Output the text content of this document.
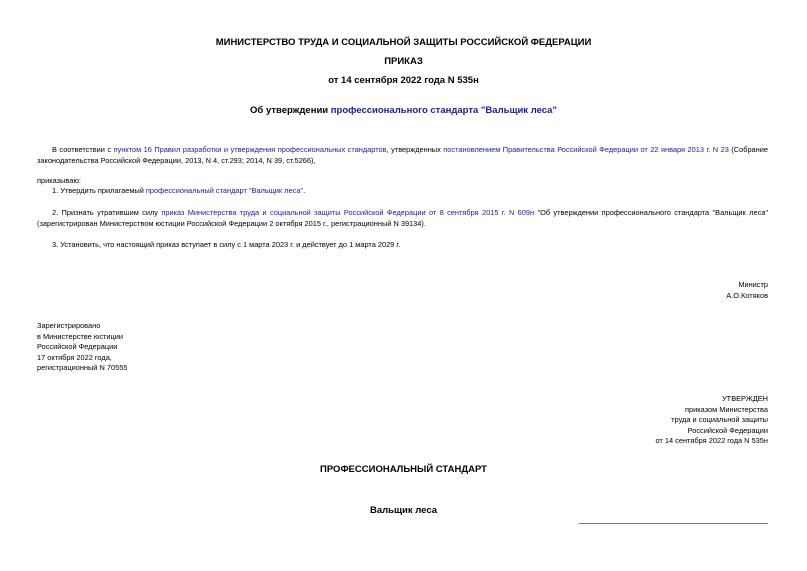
МИНИСТЕРСТВО ТРУДА И СОЦИАЛЬНОЙ ЗАЩИТЫ РОССИЙСКОЙ ФЕДЕРАЦИИ
ПРИКАЗ
от 14 сентября 2022 года N 535н
Об утверждении профессионального стандарта "Вальщик леса"
В соответствии с пунктом 16 Правил разработки и утверждения профессиональных стандартов, утвержденных постановлением Правительства Российской Федерации от 22 января 2013 г. N 23 (Собрание законодательства Российской Федерации, 2013, N 4, ст.293; 2014, N 39, ст.5266),
приказываю:
1. Утвердить прилагаемый профессиональный стандарт "Вальщик леса".
2. Признать утратившим силу приказ Министерства труда и социальной защиты Российской Федерации от 8 сентября 2015 г. N 609н "Об утверждении профессионального стандарта "Вальщик леса" (зарегистрирован Министерством юстиции Российской Федерации 2 октября 2015 г., регистрационный N 39134).
3. Установить, что настоящий приказ вступает в силу с 1 марта 2023 г. и действует до 1 марта 2029 г.
Министр
А.О.Котяков
Зарегистрировано
в Министерстве юстиции
Российской Федерации
17 октября 2022 года,
регистрационный N 70555
УТВЕРЖДЕН
приказом Министерства
труда и социальной защиты
Российской Федерации
от 14 сентября 2022 года N 535н
ПРОФЕССИОНАЛЬНЫЙ СТАНДАРТ
Вальщик леса
